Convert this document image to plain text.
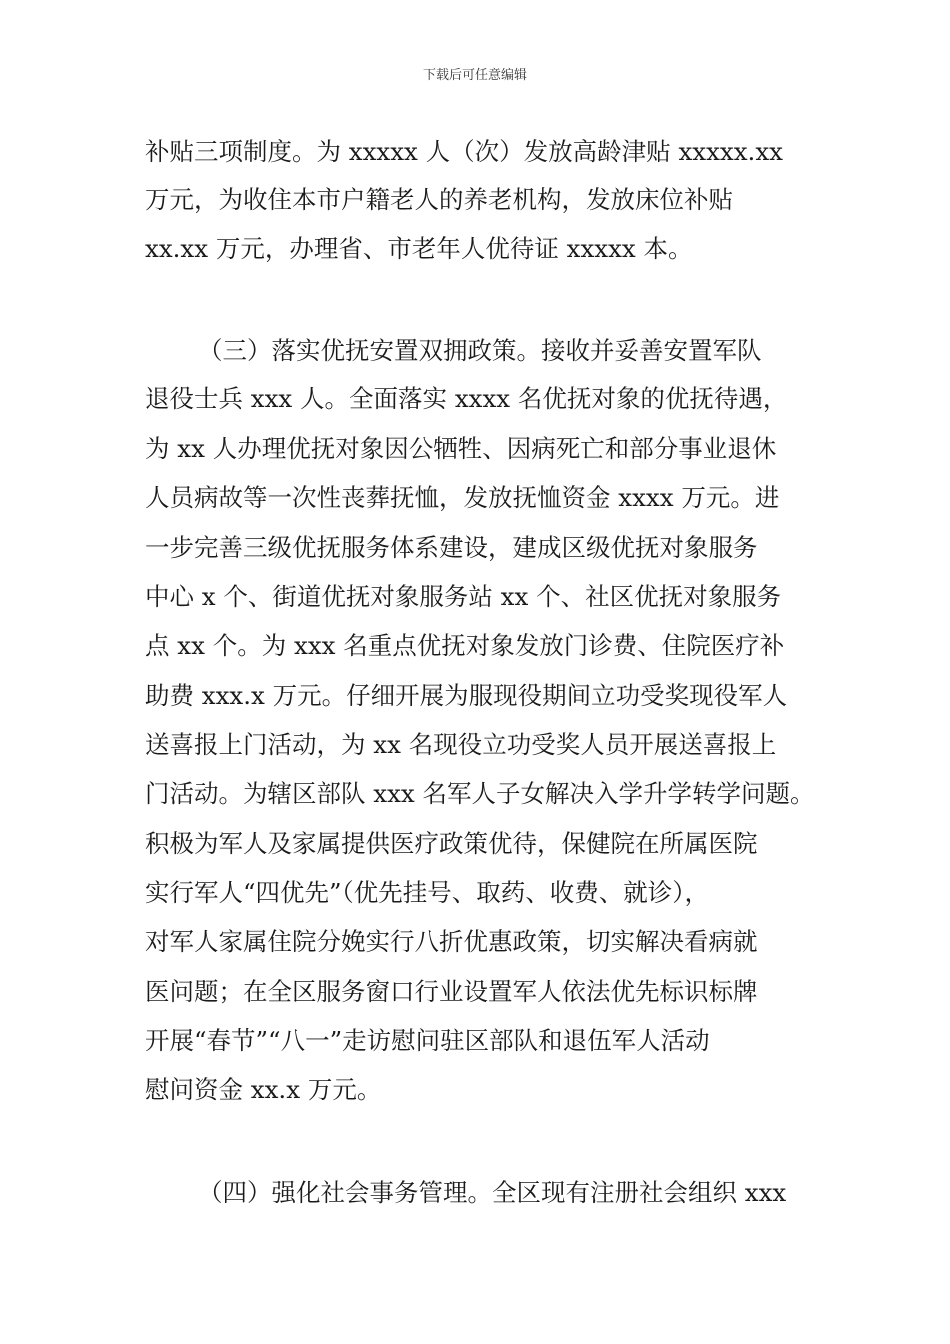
下载后可任意编辑
补贴三项制度。为 xxxxx 人（次）发放高龄津贴 xxxxx.xx
万元，为收住本市户籍老人的养老机构，发放床位补贴
xx.xx 万元，办理省、市老年人优待证 xxxxx 本。
（三）落实优抚安置双拥政策。接收并妥善安置军队
退役士兵 xxx 人。全面落实 xxxx 名优抚对象的优抚待遇，
为 xx 人办理优抚对象因公牺牲、因病死亡和部分事业退休
人员病故等一次性丧葬抚恤，发放抚恤资金 xxxx 万元。进
一步完善三级优抚服务体系建设，建成区级优抚对象服务
中心 x 个、街道优抚对象服务站 xx 个、社区优抚对象服务
点 xx 个。为 xxx 名重点优抚对象发放门诊费、住院医疗补
助费 xxx.x 万元。仔细开展为服现役期间立功受奖现役军人
送喜报上门活动，为 xx 名现役立功受奖人员开展送喜报上
门活动。为辖区部队 xxx 名军人子女解决入学升学转学问题。
积极为军人及家属提供医疗政策优待，保健院在所属医院
实行军人“四优先”（优先挂号、取药、收费、就诊），
对军人家属住院分娩实行八折优惠政策，切实解决看病就
医问题；在全区服务窗口行业设置军人依法优先标识标牌
开展“春节”“八一”走访慰问驻区部队和退伍军人活动
慰问资金 xx.x 万元。
（四）强化社会事务管理。全区现有注册社会组织 xxx
